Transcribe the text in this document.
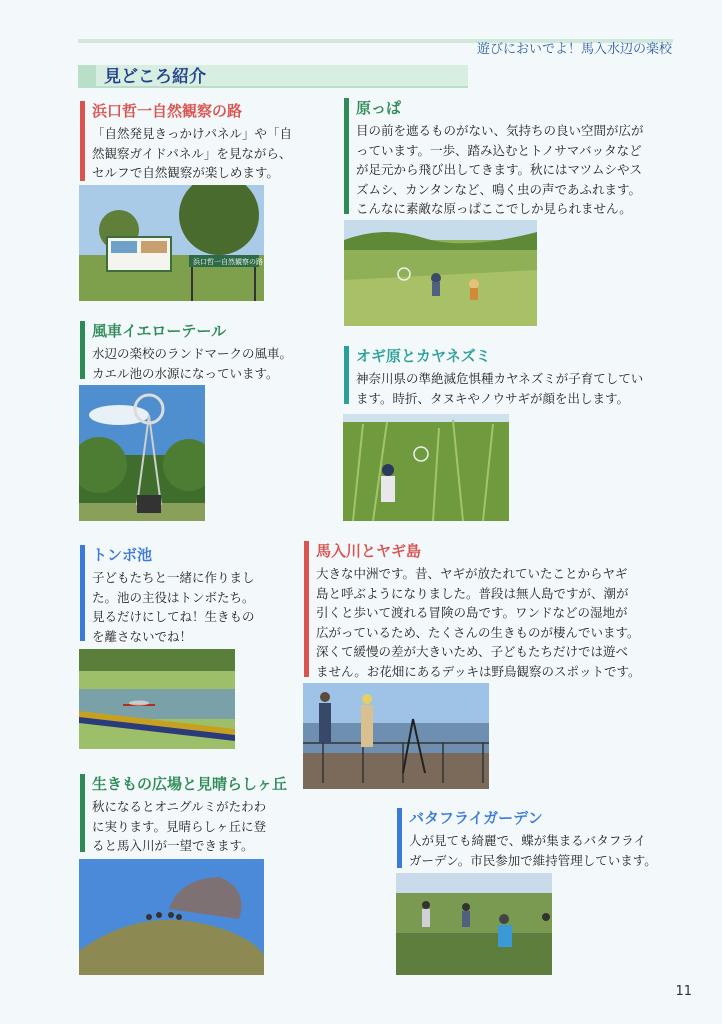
遊びにおいでよ！馬入水辺の楽校
見どころ紹介
浜口哲一自然観察の路
「自然発見きっかけパネル」や「自
然観察ガイドパネル」を見ながら、
セルフで自然観察が楽しめます。
浜口哲一自然観察の路
原っぱ
目の前を遮るものがない、気持ちの良い空間が広が
っています。一歩、踏み込むとトノサマバッタなど
が足元から飛び出してきます。秋にはマツムシやス
ズムシ、カンタンなど、鳴く虫の声であふれます。
こんなに素敵な原っぱここでしか見られません。
風車イエローテール
水辺の楽校のランドマークの風車。
カエル池の水源になっています。
オギ原とカヤネズミ
神奈川県の準絶滅危惧種カヤネズミが子育てしてい
ます。時折、タヌキやノウサギが顔を出します。
トンボ池
子どもたちと一緒に作りまし
た。池の主役はトンボたち。
見るだけにしてね！生きもの
を離さないでね！
馬入川とヤギ島
大きな中洲です。昔、ヤギが放たれていたことからヤギ
島と呼ぶようになりました。普段は無人島ですが、潮が
引くと歩いて渡れる冒険の島です。ワンドなどの湿地が
広がっているため、たくさんの生きものが棲んでいます。
深くて緩慢の差が大きいため、子どもたちだけでは遊べ
ません。お花畑にあるデッキは野鳥観察のスポットです。
生きもの広場と見晴らしヶ丘
秋になるとオニグルミがたわわ
に実ります。見晴らしヶ丘に登
ると馬入川が一望できます。
バタフライガーデン
人が見ても綺麗で、蝶が集まるバタフライ
ガーデン。市民参加で維持管理しています。
11
